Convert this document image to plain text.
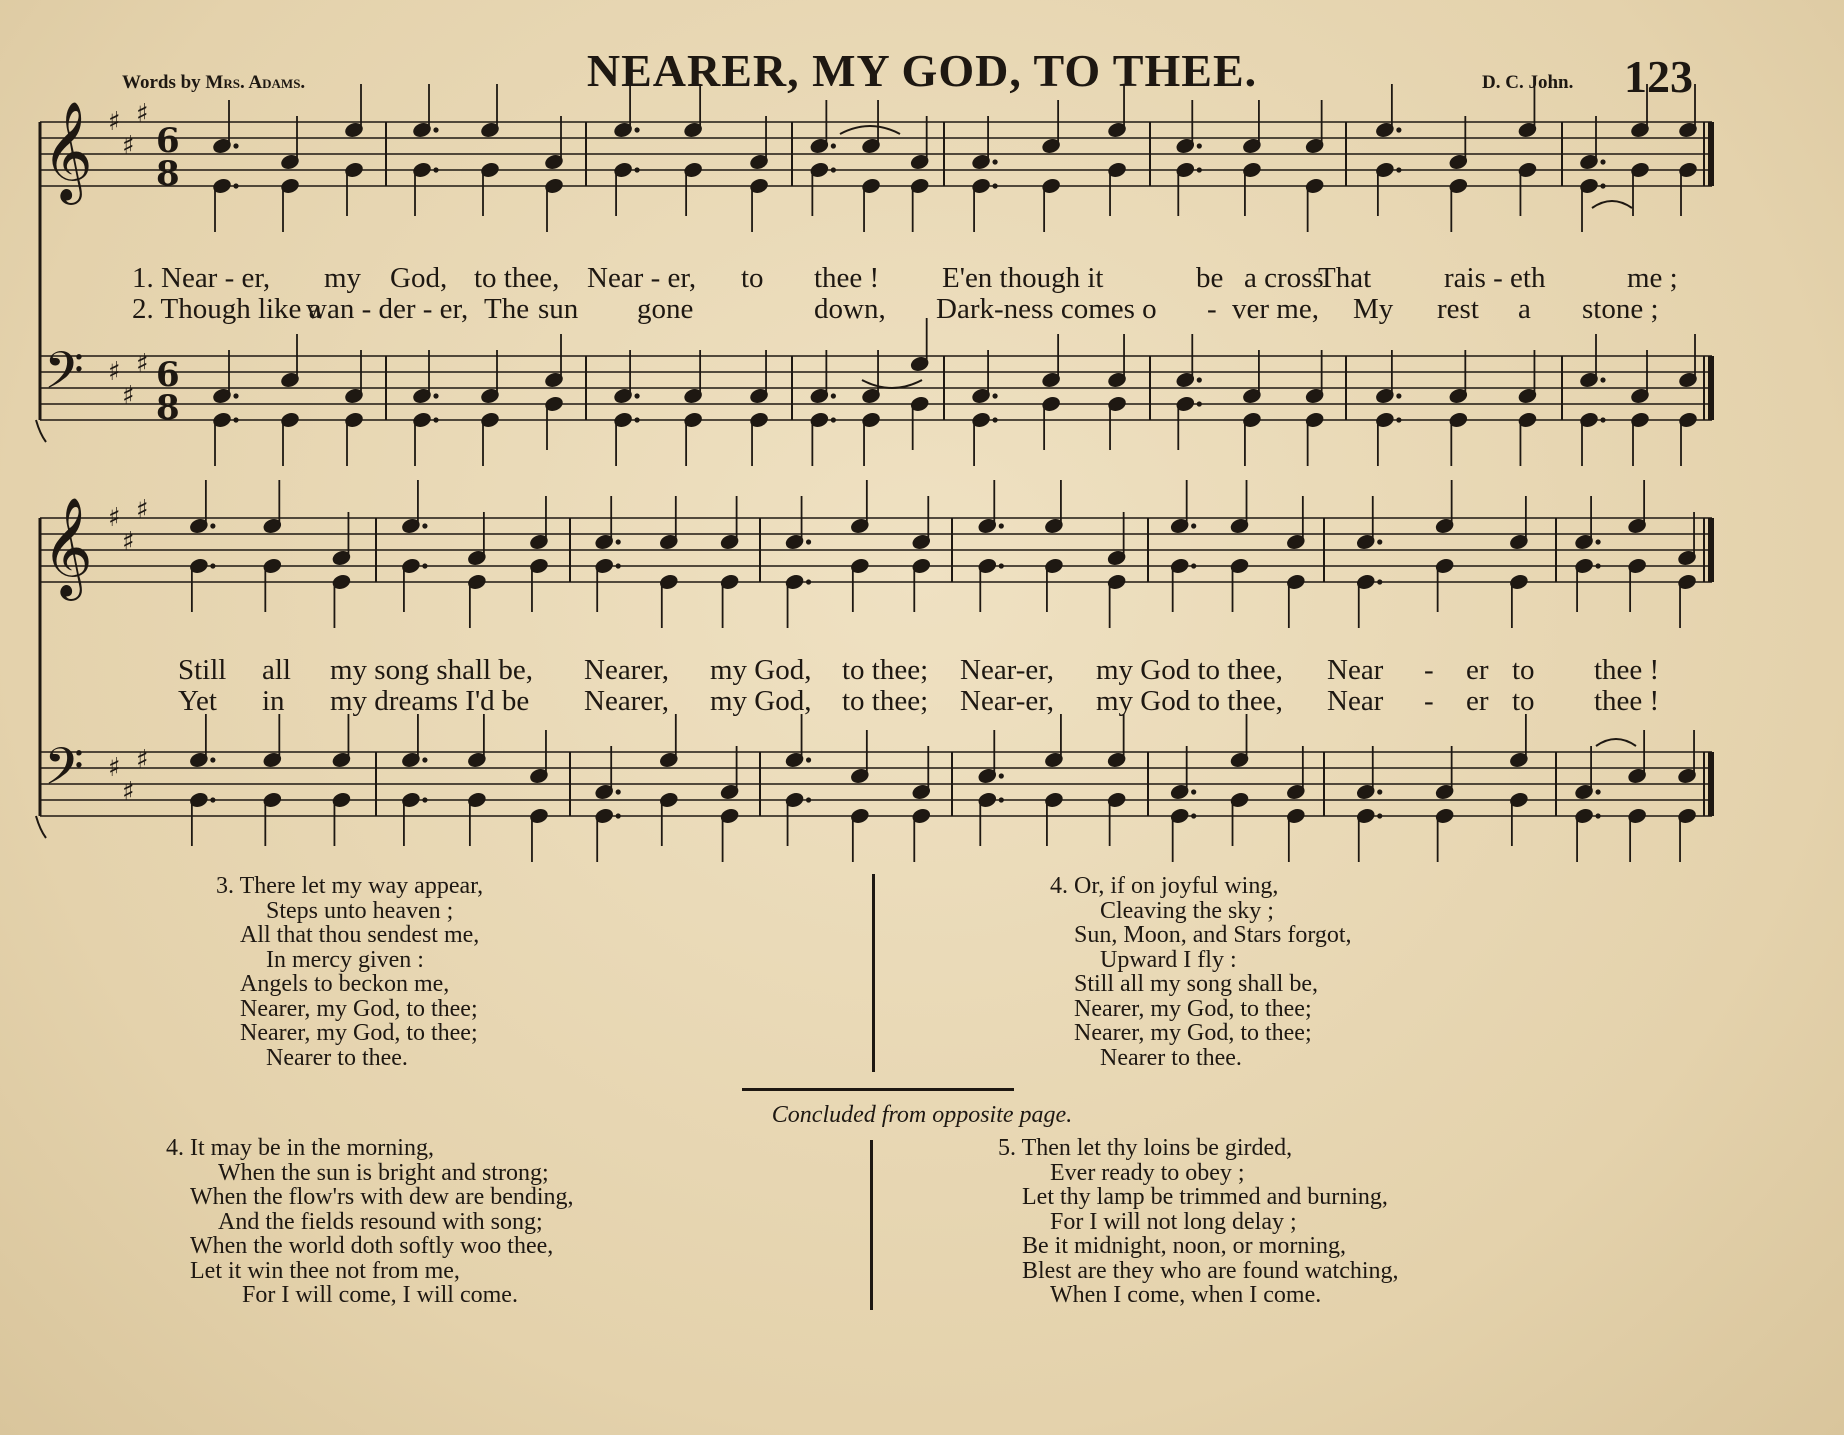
Words by Mrs. Adams.	NEARER, MY GOD, TO THEE.	D. C. John. 123
𝄞
𝄢
𝄞
𝄢
♯
♯
♯
♯
♯
♯
♯
♯
♯
♯
♯
♯
6
8
6
8
1. Near - er, my God, to thee, Near - er, to thee ! E'en though it	be a cross
That	rais - eth	me ;
2. Though like a
wan - der - er, The sun gone	down, Dark-ness comes o - ver me, My rest a stone ;
Still all my song shall be, Nearer, my God, to thee; Near-er, my God to thee, Near - er to thee !
Yet in my dreams I'd be Nearer, my God, to thee; Near-er, my God to thee, Near - er to thee !
3. There let my way appear,
Steps unto heaven ;
All that thou sendest me,
In mercy given :
Angels to beckon me,
Nearer, my God, to thee;
Nearer, my God, to thee;
Nearer to thee.
4. Or, if on joyful wing,
Cleaving the sky ;
Sun, Moon, and Stars forgot,
Upward I fly :
Still all my song shall be,
Nearer, my God, to thee;
Nearer, my God, to thee;
Nearer to thee.
Concluded from opposite page.
4. It may be in the morning,
When the sun is bright and strong;
When the flow'rs with dew are bending,
And the fields resound with song;
When the world doth softly woo thee,
Let it win thee not from me,
For I will come, I will come.
5. Then let thy loins be girded,
Ever ready to obey ;
Let thy lamp be trimmed and burning,
For I will not long delay ;
Be it midnight, noon, or morning,
Blest are they who are found watching,
When I come, when I come.
